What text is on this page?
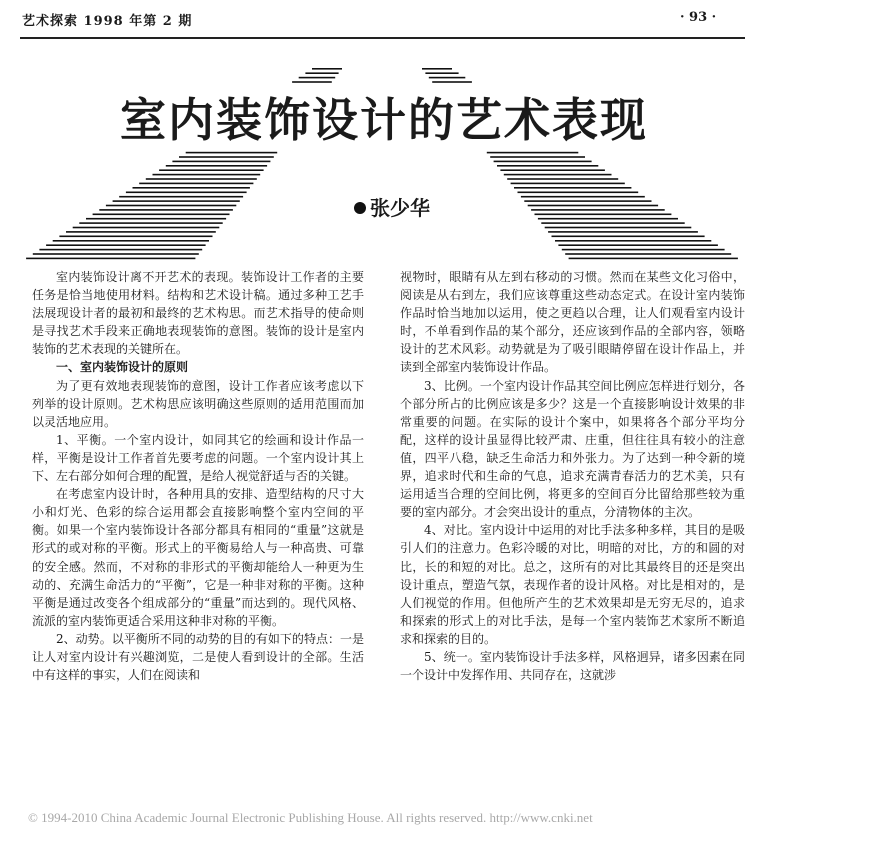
艺术探索 1998 年第 2 期	· 93 ·
室内装饰设计的艺术表现
张少华

室内装饰设计离不开艺术的表现。装饰设计工作者的主要任务是恰当地使用材料。结构和艺术设计稿。通过多种工艺手法展现设计者的最初和最终的艺术构思。而艺术指导的使命则是寻找艺术手段来正确地表现装饰的意图。装饰的设计是室内装饰的艺术表现的关键所在。

一、室内装饰设计的原则

为了更有效地表现装饰的意图，设计工作者应该考虑以下列举的设计原则。艺术构思应该明确这些原则的适用范围而加以灵活地应用。

1、平衡。一个室内设计，如同其它的绘画和设计作品一样，平衡是设计工作者首先要考虑的问题。一个室内设计其上下、左右部分如何合理的配置，是给人视觉舒适与否的关键。

在考虑室内设计时，各种用具的安排、造型结构的尺寸大小和灯光、色彩的综合运用都会直接影响整个室内空间的平衡。如果一个室内装饰设计各部分都具有相同的“重量”这就是形式的或对称的平衡。形式上的平衡易给人与一种高贵、可靠的安全感。然而，不对称的非形式的平衡却能给人一种更为生动的、充满生命活力的“平衡”，它是一种非对称的平衡。这种平衡是通过改变各个组成部分的“重量”而达到的。现代风格、流派的室内装饰更适合采用这种非对称的平衡。

2、动势。以平衡所不同的动势的目的有如下的特点：一是让人对室内设计有兴趣浏览，二是使人看到设计的全部。生活中有这样的事实，人们在阅读和

视物时，眼睛有从左到右移动的习惯。然而在某些文化习俗中，阅读是从右到左，我们应该尊重这些动态定式。在设计室内装饰作品时恰当地加以运用，使之更趋以合理，让人们观看室内设计时，不单看到作品的某个部分，还应该到作品的全部内容，领略设计的艺术风彩。动势就是为了吸引眼睛停留在设计作品上，并读到全部室内装饰设计作品。

3、比例。一个室内设计作品其空间比例应怎样进行划分，各个部分所占的比例应该是多少？这是一个直接影响设计效果的非常重要的问题。在实际的设计个案中，如果将各个部分平均分配，这样的设计虽显得比较严肃、庄重，但往往具有较小的注意值，四平八稳，缺乏生命活力和外张力。为了达到一种令新的境界，追求时代和生命的气息，追求充满青春活力的艺术美，只有运用适当合理的空间比例，将更多的空间百分比留给那些较为重要的室内部分。才会突出设计的重点，分清物体的主次。

4、对比。室内设计中运用的对比手法多种多样，其目的是吸引人们的注意力。色彩冷暖的对比，明暗的对比，方的和圆的对比，长的和短的对比。总之，这所有的对比其最终目的还是突出设计重点，塑造气氛，表现作者的设计风格。对比是相对的，是人们视觉的作用。但他所产生的艺术效果却是无穷无尽的，追求和探索的形式上的对比手法，是每一个室内装饰艺术家所不断追求和探索的目的。

5、统一。室内装饰设计手法多样，风格迥异，诸多因素在同一个设计中发挥作用、共同存在，这就涉

© 1994-2010 China Academic Journal Electronic Publishing House. All rights reserved. http://www.cnki.net
